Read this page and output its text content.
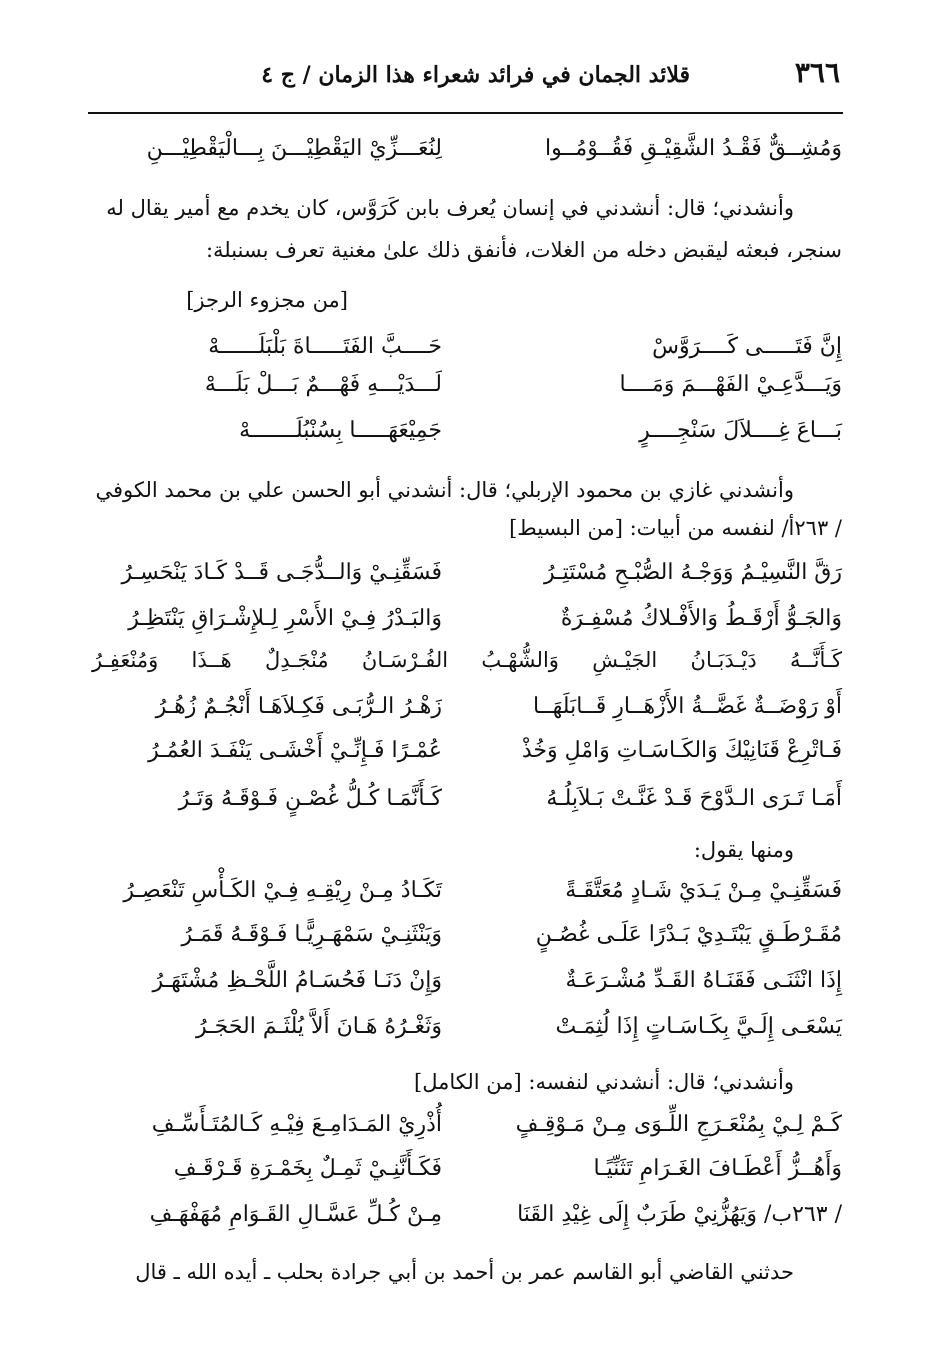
٣٦٦
قلائد الجمان في فرائد شعراء هذا الزمان / ج ٤
وَمُشِــقٌّ فَقْـدُ الشَّقِيْـقِ فَقُــوْمُــوا
لِنُعَـــزِّيْ اليَقْطِيْـــنَ بِـــالْيَقْطِيْـــنِ
وأنشدني؛ قال: أنشدني في إنسان يُعرف بابن كَرَوَّس، كان يخدم مع أمير يقال له
سنجر، فبعثه ليقبض دخله من الغلات، فأنفق ذلك علىٰ مغنية تعرف بسنبلة:
[من مجزوء الرجز]
إِنَّ فَتَـــــى كَــــرَوَّسْ
حَــــبَّ الفَتَـــــاةَ بَلْبَلَــــــهْ
وَيَـــدَّعِـيْ الفَهْـــمَ وَمَــــا
لَـــدَيْـــهِ فَهْـــمٌ بَـــلْ بَلَـــهْ
بَـــاعَ غِــــلاَلَ سَنْجِــــرٍ
جَمِيْعَهَـــــا بِسُنْبُلَـــــــهْ
وأنشدني غازي بن محمود الإربلي؛ قال: أنشدني أبو الحسن علي بن محمد الكوفي
/ ٢٦٣أ/ لنفسه من أبيات: [من البسيط]
رَقَّ النَّسِيْـمُ وَوَجْـهُ الصُّبْـحِ مُسْتَتِـرُ
فَسَقِّنِـيْ وَالــدُّجَـى قَــدْ كَـادَ يَنْحَسِـرُ
وَالجَـوُّ أَرْقَـطُ وَالأَفْـلاكُ مُسْفِـرَةٌ
وَالبَـدْرُ فِـيْ الأَسْرِ لِـلإِشْـرَاقِ يَنْتَظِـرُ
كَـأَنَّــهُ دَيْـدَبَـانُ الجَيْـشِ وَالشُّهْـبُ الفُـرْسَـانُ مُنْجَـدِلٌ هَــذَا وَمُنْعَفِـرُ
أَوْ رَوْضَــةٌ غَضَّــةُ الأَزْهَــارِ قَــابَلَهَــا
زَهْـرُ الـرُّبَـى فَكِـلاَهَـا أَنْجُـمٌ زُهُـرُ
فَـاتْرِعْ قَنَانِيْكَ وَالكَـاسَـاتِ وَامْلِ وَخُذْ
عُمْـرًا فَـإِنِّـيْ أَخْشَـى يَنْفَـدَ العُمُـرُ
أَمَـا تَـرَى الـدَّوْحَ قَـدْ غَنَّـتْ بَـلاَبِلُـهُ
كَـأَنَّمَـا كُـلُّ غُصْـنٍ فَـوْقَـهُ وَتَـرُ
ومنها يقول:
فَسَقِّنِـيْ مِـنْ يَـدَيْ شَـادٍ مُعَتَّقَـةً
تَكَـادُ مِـنْ رِيْقِـهِ فِـيْ الكَـأْسِ تَنْعَصِـرُ
مُقَـرْطَـقٍ يَبْتَـدِيْ بَـدْرًا عَلَـى غُصُـنٍ
وَيَنْثَنِـيْ سَمْهَـرِيًّـا فَـوْقَـهُ قَمَـرُ
إِذَا انْثَنَـى فَقَنَـاهُ القَـدِّ مُشْـرَعَـةٌ
وَإِنْ دَنَـا فَحُسَـامُ اللَّحْـظِ مُشْتَهَـرُ
يَسْعَـى إِلَـيَّ بِكَـاسَـاتٍ إِذَا لُثِمَـتْ
وَثَغْـرُهُ هَـانَ أَلاَّ يُلْثَـمَ الحَجَـرُ
وأنشدني؛ قال: أنشدني لنفسه: [من الكامل]
كَـمْ لِـيْ بِمُنْعَـرَجِ اللِّـوَى مِـنْ مَـوْقِـفٍ
أُذْرِيْ المَـدَامِـعَ فِيْـهِ كَـالمُتَـأَسِّـفِ
وَأَهُــزُّ أَعْطَـافَ الغَـرَامِ تَثَنِّيًـا
فَكَـأَنَّنِـيْ ثَمِـلٌ بِخَمْـرَةِ قَـرْقَـفِ
/ ٢٦٣ب/ وَيَهُزُّنِيْ طَرَبٌ إِلَى غِيْدِ القَنَا
مِـنْ كُـلِّ عَسَّـالِ القَـوَامِ مُهَفْهَـفِ
حدثني القاضي أبو القاسم عمر بن أحمد بن أبي جرادة بحلب ـ أيده الله ـ قال
